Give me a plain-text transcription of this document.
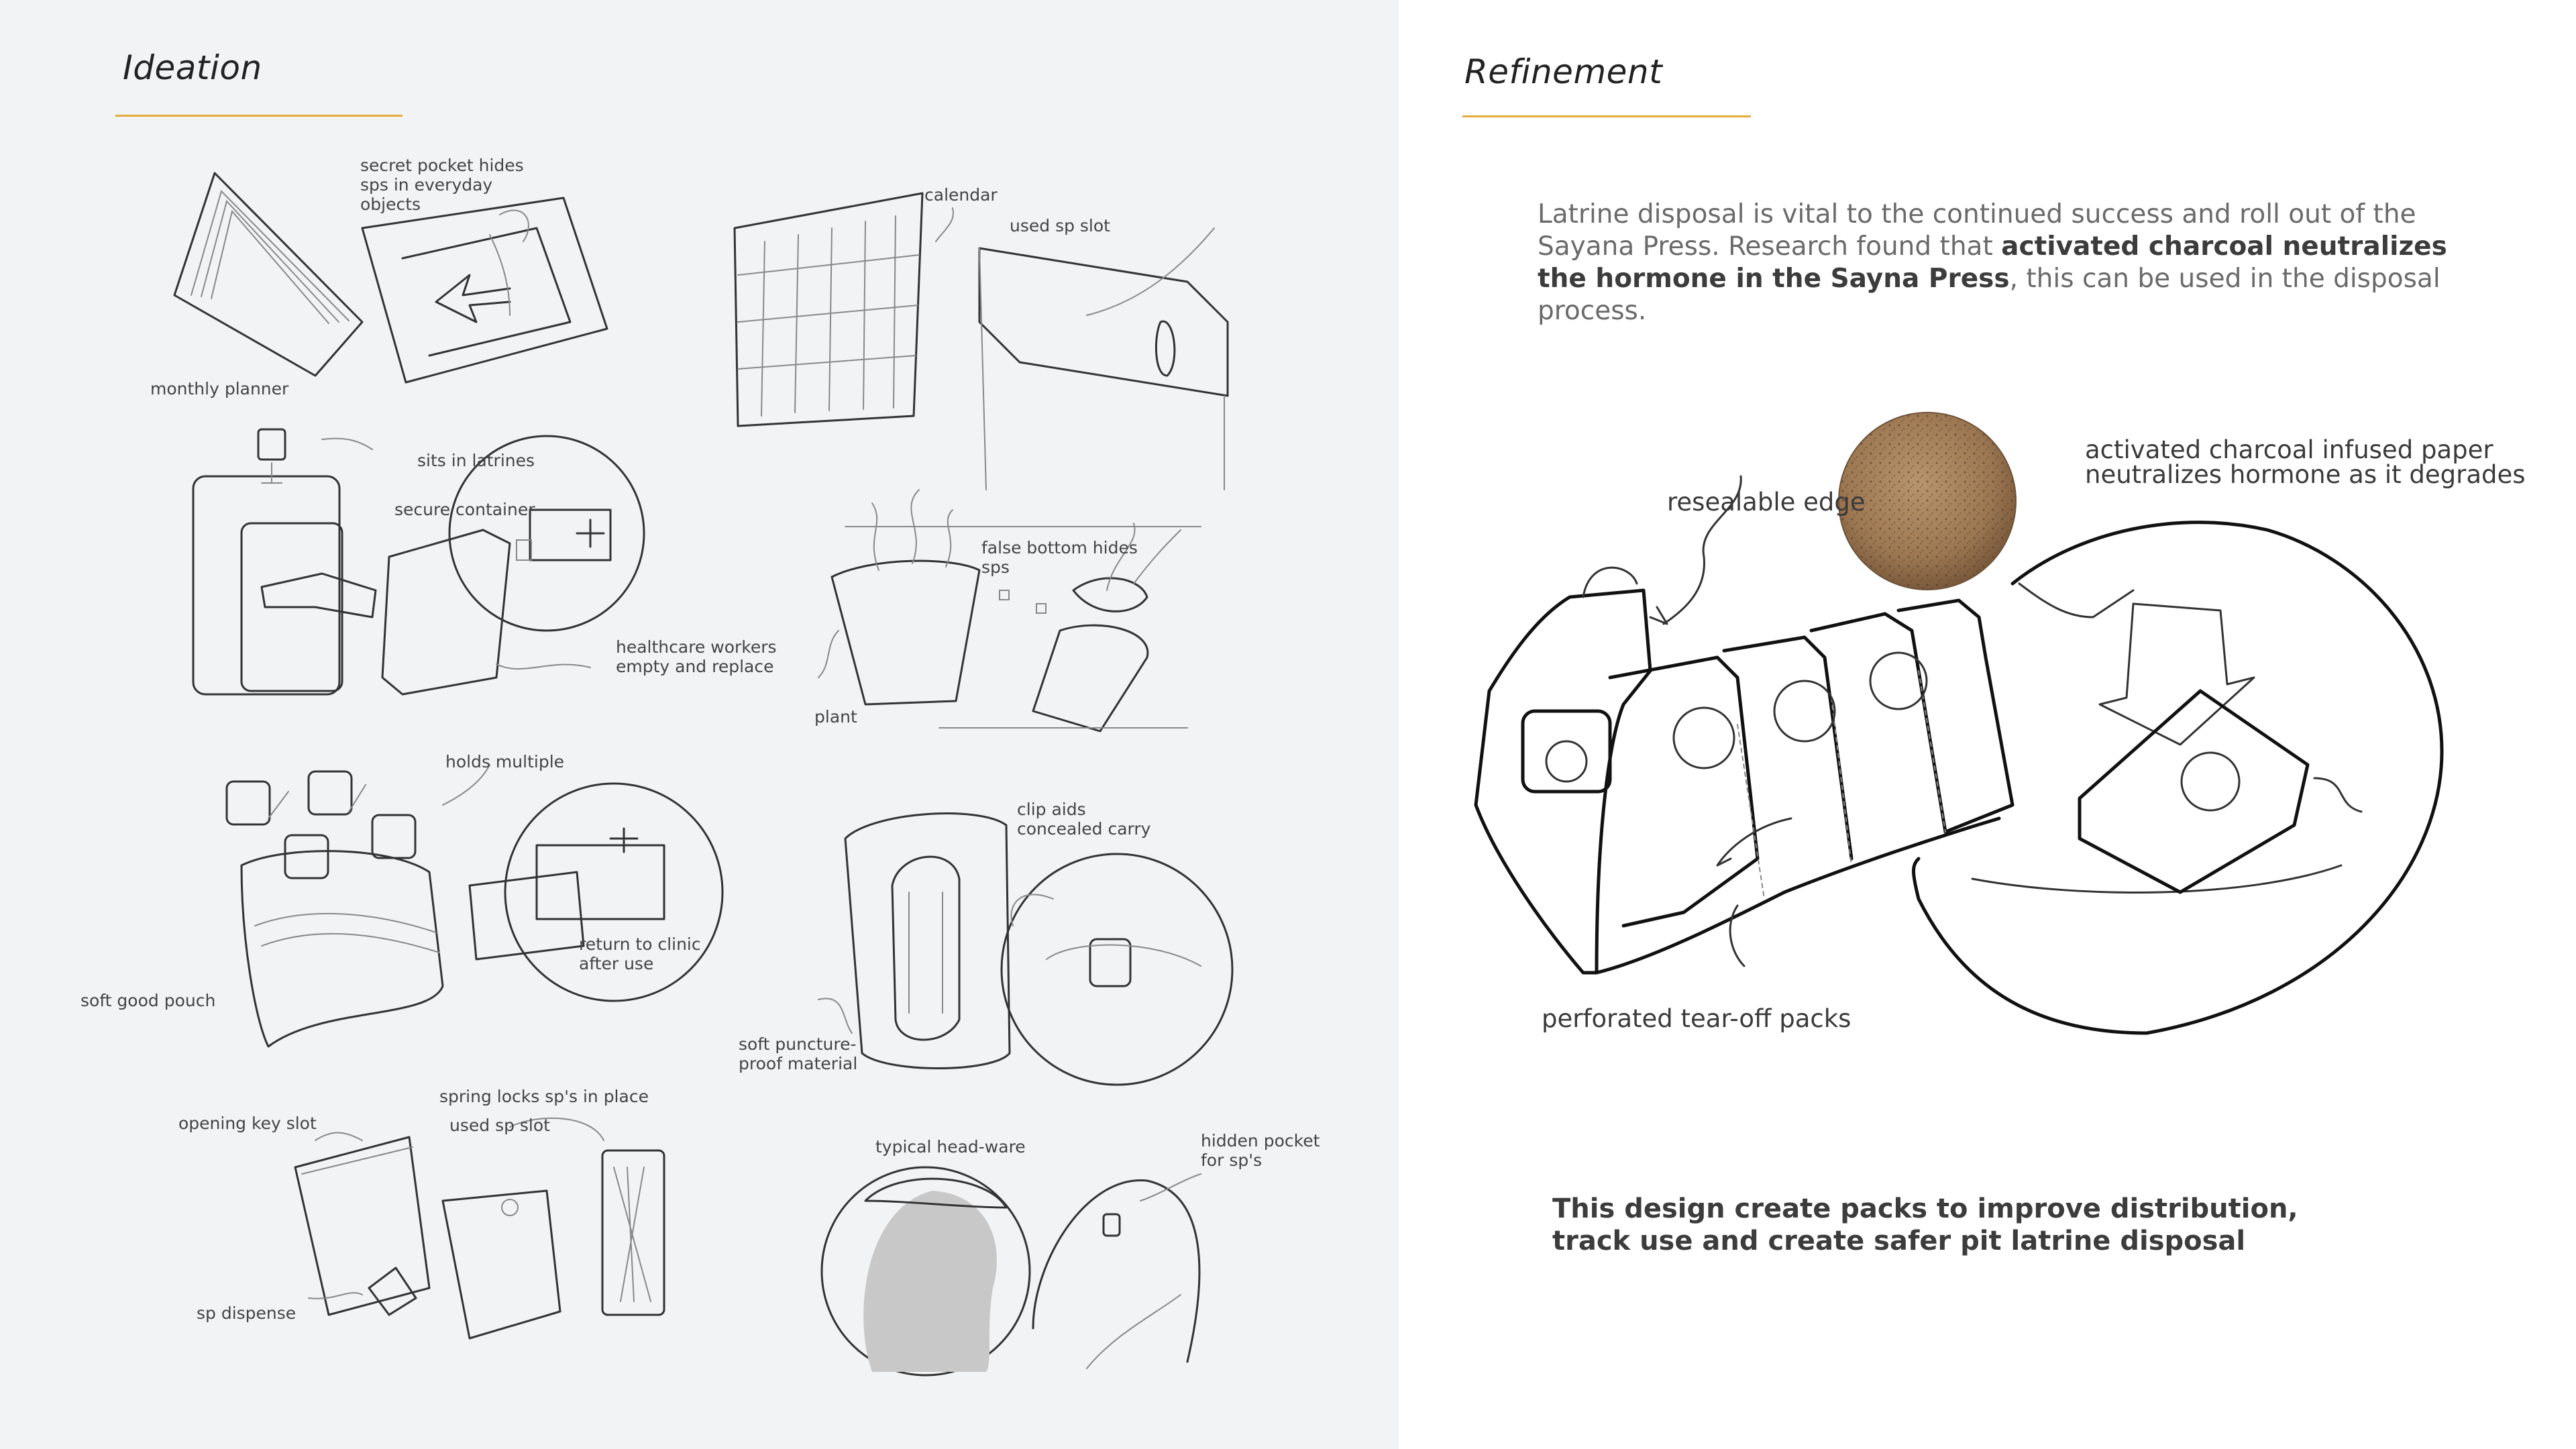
Ideation	Refinement
secret pocket hides
sps in everyday
objects
monthly planner
calendar
used sp slot
sits in latrines
secure container
healthcare workers
empty and replace
false bottom hides
sps
plant
holds multiple
soft good pouch
return to clinic
after use
clip aids
concealed carry
soft puncture-
proof material
opening key slot
spring locks sp's in place
used sp slot
sp dispense
typical head-ware	hidden pocket
for sp's
Latrine disposal is vital to the continued success and roll out of the Sayana Press. Research found that activated charcoal neutralizes the hormone in the Sayna Press, this can be used in the disposal process.
activated charcoal infused paper
neutralizes hormone as it degrades
resealable edge
perforated tear-off packs
This design create packs to improve distribution, track use and create safer pit latrine disposal
